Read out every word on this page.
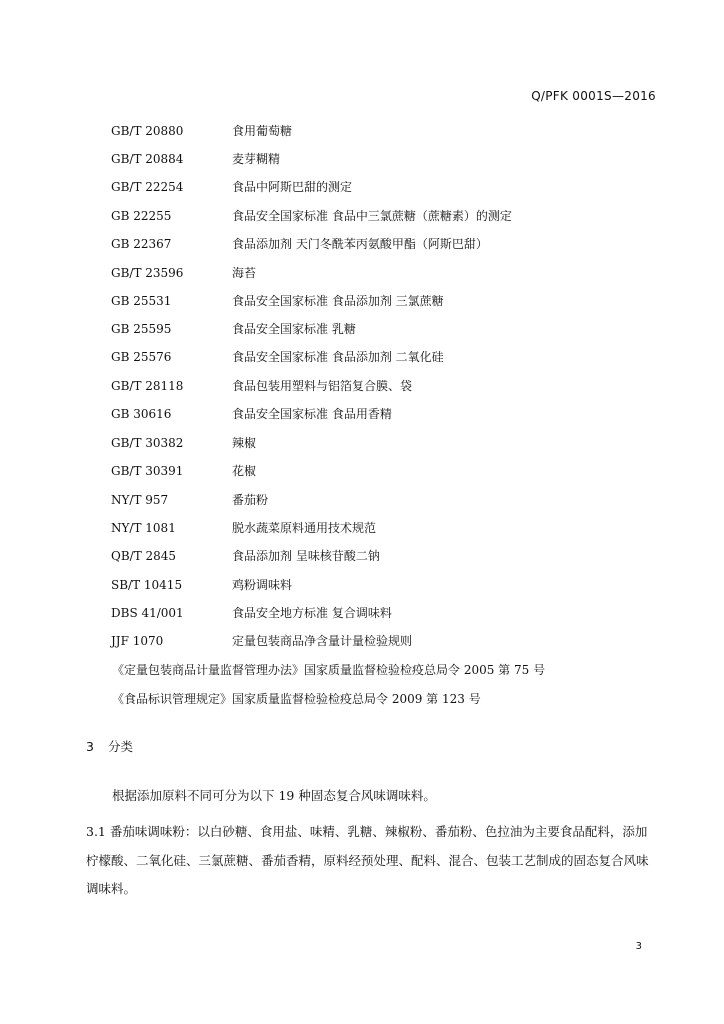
Q/PFK 0001S—2016
GB/T 20880	食用葡萄糖
GB/T 20884	麦芽糊精
GB/T 22254	食品中阿斯巴甜的测定
GB 22255	食品安全国家标准 食品中三氯蔗糖（蔗糖素）的测定
GB 22367	食品添加剂 天门冬酰苯丙氨酸甲酯（阿斯巴甜）
GB/T 23596	海苔
GB 25531	食品安全国家标准 食品添加剂 三氯蔗糖
GB 25595	食品安全国家标准 乳糖
GB 25576	食品安全国家标准 食品添加剂 二氧化硅
GB/T 28118	食品包装用塑料与铝箔复合膜、袋
GB 30616	食品安全国家标准 食品用香精
GB/T 30382	辣椒
GB/T 30391	花椒
NY/T 957	番茄粉
NY/T 1081	脱水蔬菜原料通用技术规范
QB/T 2845	食品添加剂 呈味核苷酸二钠
SB/T 10415	鸡粉调味料
DBS 41/001	食品安全地方标准 复合调味料
JJF 1070	定量包装商品净含量计量检验规则
《定量包装商品计量监督管理办法》国家质量监督检验检疫总局令 2005 第 75 号
《食品标识管理规定》国家质量监督检验检疫总局令 2009 第 123 号
3 分类
根据添加原料不同可分为以下 19 种固态复合风味调味料。
3.1 番茄味调味粉：以白砂糖、食用盐、味精、乳糖、辣椒粉、番茄粉、色拉油为主要食品配料，添加
柠檬酸、二氧化硅、三氯蔗糖、番茄香精，原料经预处理、配料、混合、包装工艺制成的固态复合风味
调味料。
3
